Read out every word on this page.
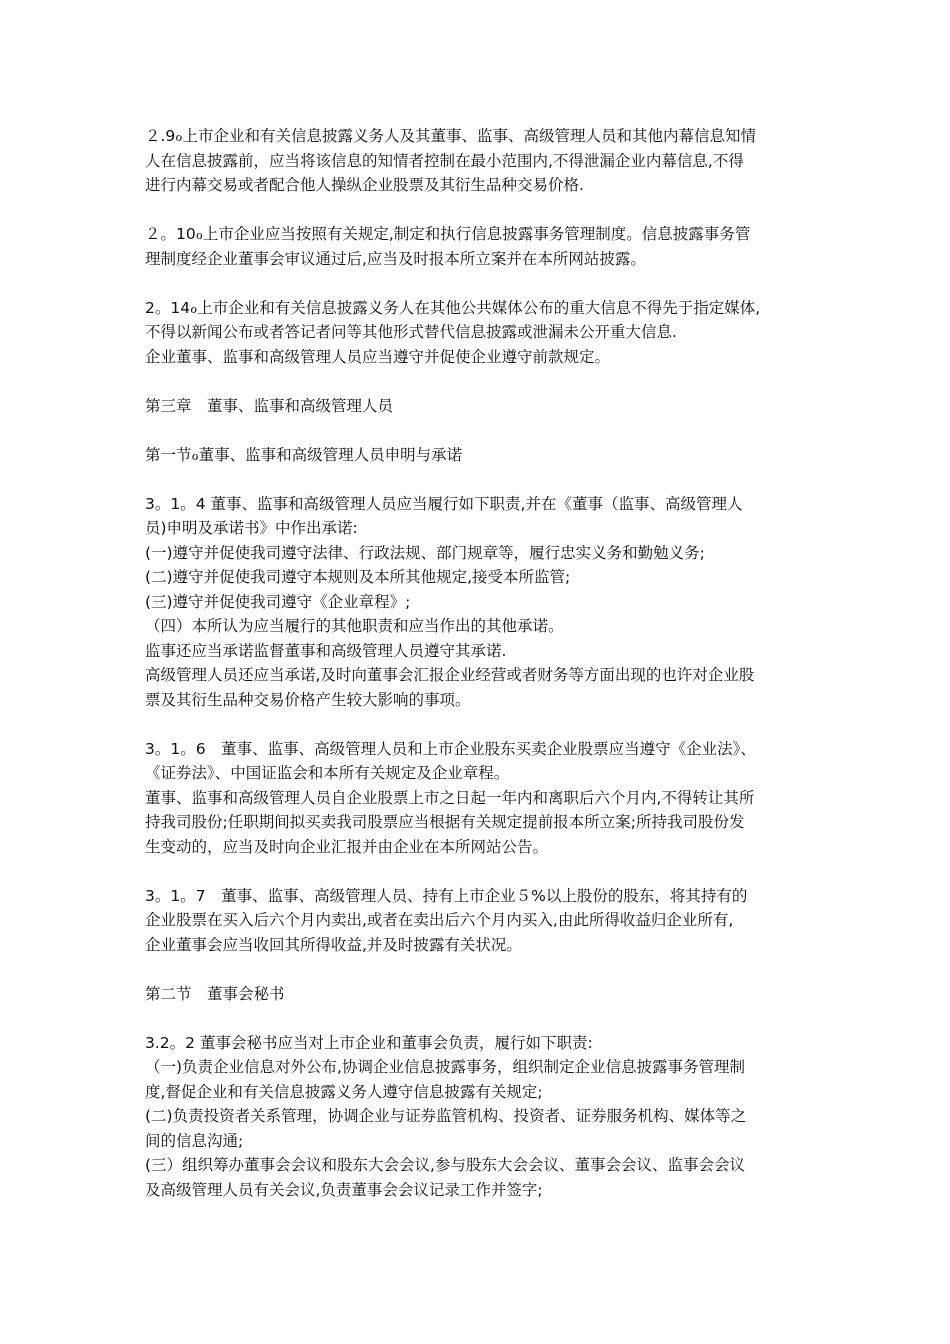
２.9ℴ上市企业和有关信息披露义务人及其董事、监事、高级管理人员和其他内幕信息知情
人在信息披露前，应当将该信息的知情者控制在最小范围内,不得泄漏企业内幕信息,不得
进行内幕交易或者配合他人操纵企业股票及其衍生品种交易价格.
２。10ℴ上市企业应当按照有关规定,制定和执行信息披露事务管理制度。信息披露事务管
理制度经企业董事会审议通过后,应当及时报本所立案并在本所网站披露。
2。14ℴ上市企业和有关信息披露义务人在其他公共媒体公布的重大信息不得先于指定媒体,
不得以新闻公布或者答记者问等其他形式替代信息披露或泄漏未公开重大信息.
企业董事、监事和高级管理人员应当遵守并促使企业遵守前款规定。
第三章　董事、监事和高级管理人员
第一节ℴ董事、监事和高级管理人员申明与承诺
3。1。4 董事、监事和高级管理人员应当履行如下职责,并在《董事（监事、高级管理人
员)申明及承诺书》中作出承诺:
(一)遵守并促使我司遵守法律、行政法规、部门规章等，履行忠实义务和勤勉义务;
(二)遵守并促使我司遵守本规则及本所其他规定,接受本所监管;
(三)遵守并促使我司遵守《企业章程》;
（四）本所认为应当履行的其他职责和应当作出的其他承诺。
监事还应当承诺监督董事和高级管理人员遵守其承诺.
高级管理人员还应当承诺,及时向董事会汇报企业经营或者财务等方面出现的也许对企业股
票及其衍生品种交易价格产生较大影响的事项。
3。1。6　董事、监事、高级管理人员和上市企业股东买卖企业股票应当遵守《企业法》、
《证券法》、中国证监会和本所有关规定及企业章程。
董事、监事和高级管理人员自企业股票上市之日起一年内和离职后六个月内,不得转让其所
持我司股份;任职期间拟买卖我司股票应当根据有关规定提前报本所立案;所持我司股份发
生变动的，应当及时向企业汇报并由企业在本所网站公告。
3。1。7　董事、监事、高级管理人员、持有上市企业５%以上股份的股东，将其持有的
企业股票在买入后六个月内卖出,或者在卖出后六个月内买入,由此所得收益归企业所有,
企业董事会应当收回其所得收益,并及时披露有关状况。
第二节　董事会秘书
3.2。2 董事会秘书应当对上市企业和董事会负责，履行如下职责:
（一)负责企业信息对外公布,协调企业信息披露事务，组织制定企业信息披露事务管理制
度,督促企业和有关信息披露义务人遵守信息披露有关规定;
(二)负责投资者关系管理，协调企业与证券监管机构、投资者、证券服务机构、媒体等之
间的信息沟通;
(三）组织筹办董事会会议和股东大会会议,参与股东大会会议、董事会会议、监事会会议
及高级管理人员有关会议,负责董事会会议记录工作并签字;
